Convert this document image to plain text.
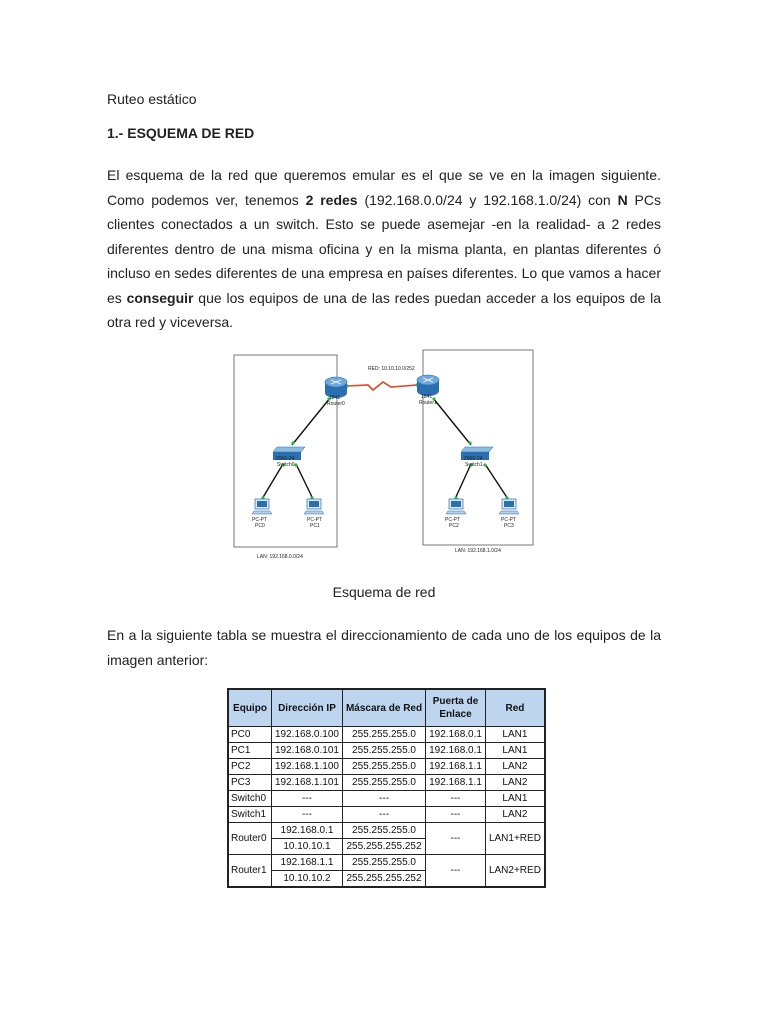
Ruteo estático
1.- ESQUEMA DE RED

El esquema de la red que queremos emular es el que se ve en la imagen siguiente. Como podemos ver, tenemos 2 redes (192.168.0.0/24 y 192.168.1.0/24) con N PCs clientes conectados a un switch. Esto se puede asemejar -en la realidad- a 2 redes diferentes dentro de una misma oficina y en la misma planta, en plantas diferentes ó incluso en sedes diferentes de una empresa en países diferentes. Lo que vamos a hacer es conseguir que los equipos de una de las redes puedan acceder a los equipos de la otra red y viceversa.

RED: 10.10.10.0/252
1841
Router0
1841
Router1
2960-24
Switch0
2960-24
Switch1
PC-PT
PC0
PC-PT
PC1
PC-PT
PC2
PC-PT
PC3
LAN: 192.168.0.0/24
LAN: 192.168.1.0/24
Esquema de red

En a la siguiente tabla se muestra el direccionamiento de cada uno de los equipos de la imagen anterior:

Equipo	Dirección IP	Máscara de Red	Puerta de
Enlace	Red
PC0	192.168.0.100	255.255.255.0	192.168.0.1	LAN1
PC1	192.168.0.101	255.255.255.0	192.168.0.1	LAN1
PC2	192.168.1.100	255.255.255.0	192.168.1.1	LAN2
PC3	192.168.1.101	255.255.255.0	192.168.1.1	LAN2
Switch0	---	---	---	LAN1
Switch1	---	---	---	LAN2
Router0	192.168.0.1	255.255.255.0	---	LAN1+RED
	10.10.10.1	255.255.255.252		
Router1	192.168.1.1	255.255.255.0	---	LAN2+RED
	10.10.10.2	255.255.255.252		
